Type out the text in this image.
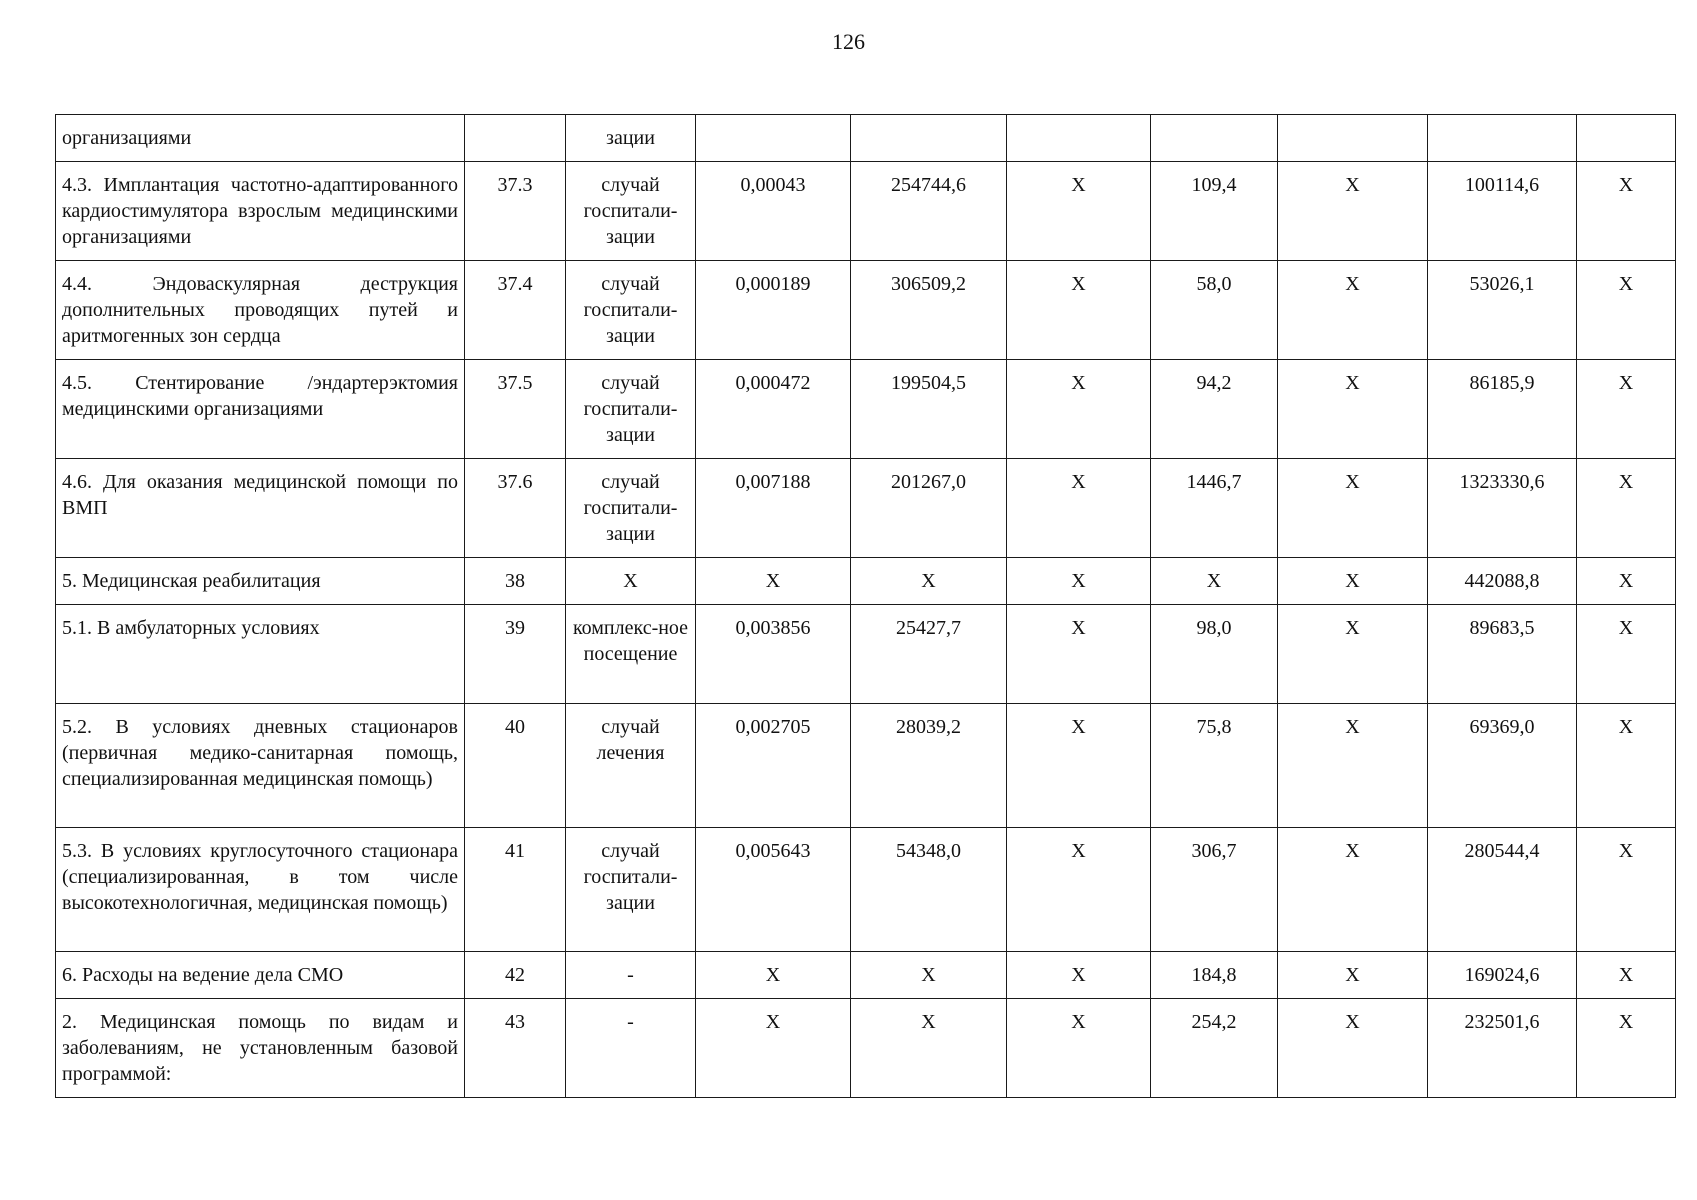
126
организациями		зации							
4.3. Имплантация частотно-адаптированного кардиостимулятора взрослым медицинскими организациями	37.3	случай госпитали-зации	0,00043	254744,6	X	109,4	X	100114,6	X
4.4. Эндоваскулярная деструкция дополнительных проводящих путей и аритмогенных зон сердца	37.4	случай госпитали-зации	0,000189	306509,2	X	58,0	X	53026,1	X
4.5. Стентирование /эндартерэктомия медицинскими организациями	37.5	случай госпитали-зации	0,000472	199504,5	X	94,2	X	86185,9	X
4.6. Для оказания медицинской помощи по ВМП	37.6	случай госпитали-зации	0,007188	201267,0	X	1446,7	X	1323330,6	X
5. Медицинская реабилитация	38	X	X	X	X	X	X	442088,8	X
5.1. В амбулаторных условиях	39	комплекс-ное посещение	0,003856	25427,7	X	98,0	X	89683,5	X
5.2. В условиях дневных стационаров (первичная медико-санитарная помощь, специализированная медицинская помощь)	40	случай лечения	0,002705	28039,2	X	75,8	X	69369,0	X
5.3. В условиях круглосуточного стационара (специализированная, в том числе высокотехнологичная, медицинская помощь)	41	случай госпитали-зации	0,005643	54348,0	X	306,7	X	280544,4	X
6. Расходы на ведение дела СМО	42	-	X	X	X	184,8	X	169024,6	X
2. Медицинская помощь по видам и заболеваниям, не установленным базовой программой:	43	-	X	X	X	254,2	X	232501,6	X
